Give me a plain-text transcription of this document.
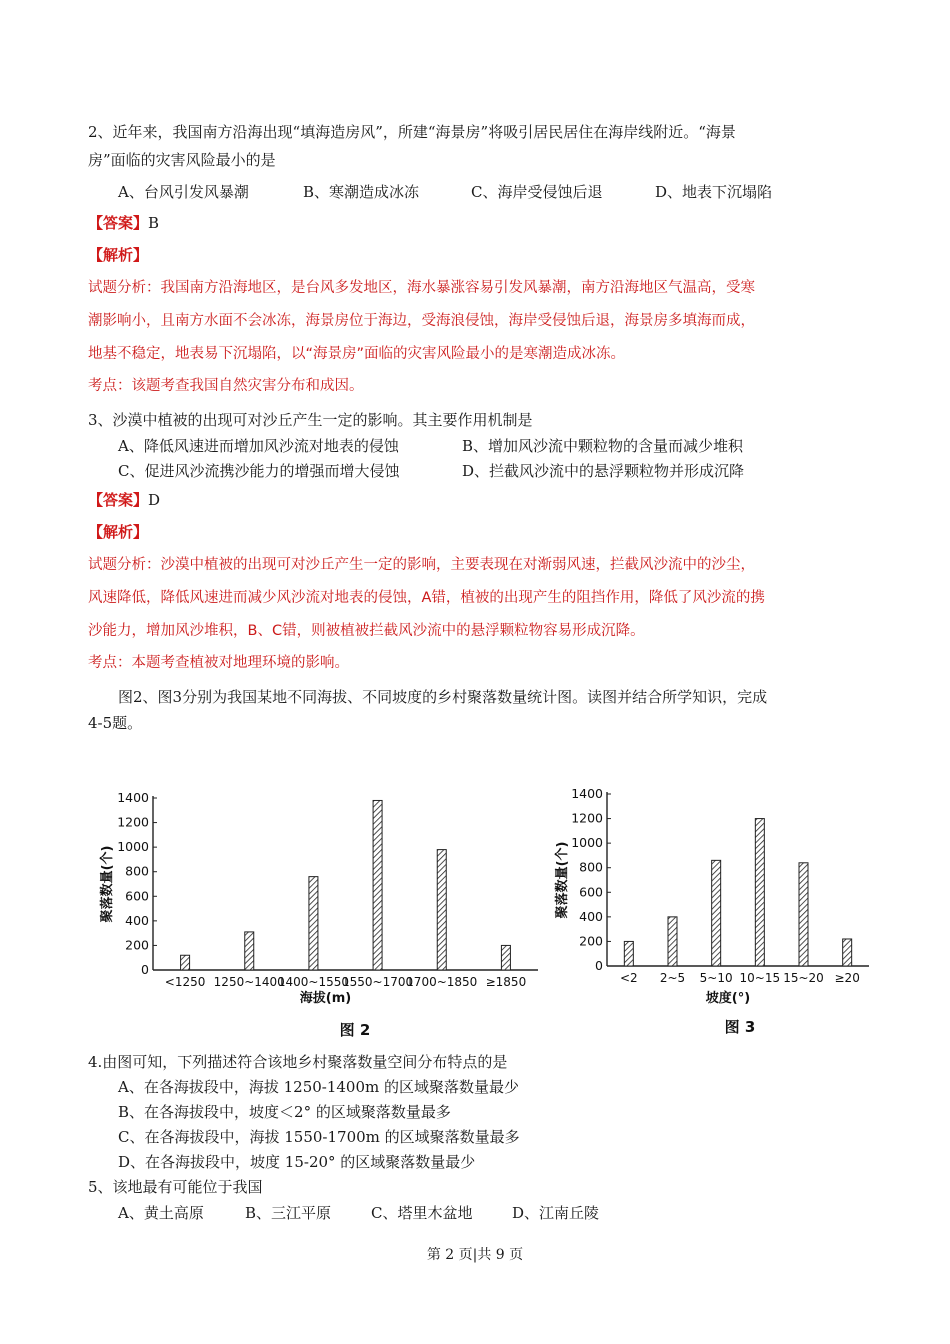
2、近年来，我国南方沿海出现“填海造房风”，所建“海景房”将吸引居民居住在海岸线附近。“海景
房”面临的灾害风险最小的是
A、台风引发风暴潮	B、寒潮造成冰冻	C、海岸受侵蚀后退	D、地表下沉塌陷
【答案】B
【解析】
试题分析：我国南方沿海地区，是台风多发地区，海水暴涨容易引发风暴潮，南方沿海地区气温高，受寒
潮影响小，且南方水面不会冰冻，海景房位于海边，受海浪侵蚀，海岸受侵蚀后退，海景房多填海而成，
地基不稳定，地表易下沉塌陷，以“海景房”面临的灾害风险最小的是寒潮造成冰冻。
考点：该题考查我国自然灾害分布和成因。
3、沙漠中植被的出现可对沙丘产生一定的影响。其主要作用机制是
A、降低风速进而增加风沙流对地表的侵蚀	B、增加风沙流中颗粒物的含量而减少堆积
C、促进风沙流携沙能力的增强而增大侵蚀	D、拦截风沙流中的悬浮颗粒物并形成沉降
【答案】D
【解析】
试题分析：沙漠中植被的出现可对沙丘产生一定的影响，主要表现在对渐弱风速，拦截风沙流中的沙尘，
风速降低，降低风速进而减少风沙流对地表的侵蚀，A错，植被的出现产生的阻挡作用，降低了风沙流的携
沙能力，增加风沙堆积，B、C错，则被植被拦截风沙流中的悬浮颗粒物容易形成沉降。
考点：本题考查植被对地理环境的影响。
图2、图3分别为我国某地不同海拔、不同坡度的乡村聚落数量统计图。读图并结合所学知识，完成
4-5题。
0
200
400
600
800
1000
1200
1400
<1250 1250~1400
1400~1550
1550~1700
1700~1850 ≥1850
聚落数量(个)
海拔(m)
图 2
0
200
400
600
800
1000
1200
1400
<2 2~5 5~10 10~15 15~20 ≥20
聚落数量(个)
坡度(°)
图 3
4.由图可知，下列描述符合该地乡村聚落数量空间分布特点的是
A、在各海拔段中，海拔 1250-1400m 的区域聚落数量最少
B、在各海拔段中，坡度＜2° 的区域聚落数量最多
C、在各海拔段中，海拔 1550-1700m 的区域聚落数量最多
D、在各海拔段中，坡度 15-20° 的区域聚落数量最少
5、该地最有可能位于我国
A、黄土高原	B、三江平原	C、塔里木盆地	D、江南丘陵
第 2 页|共 9 页
